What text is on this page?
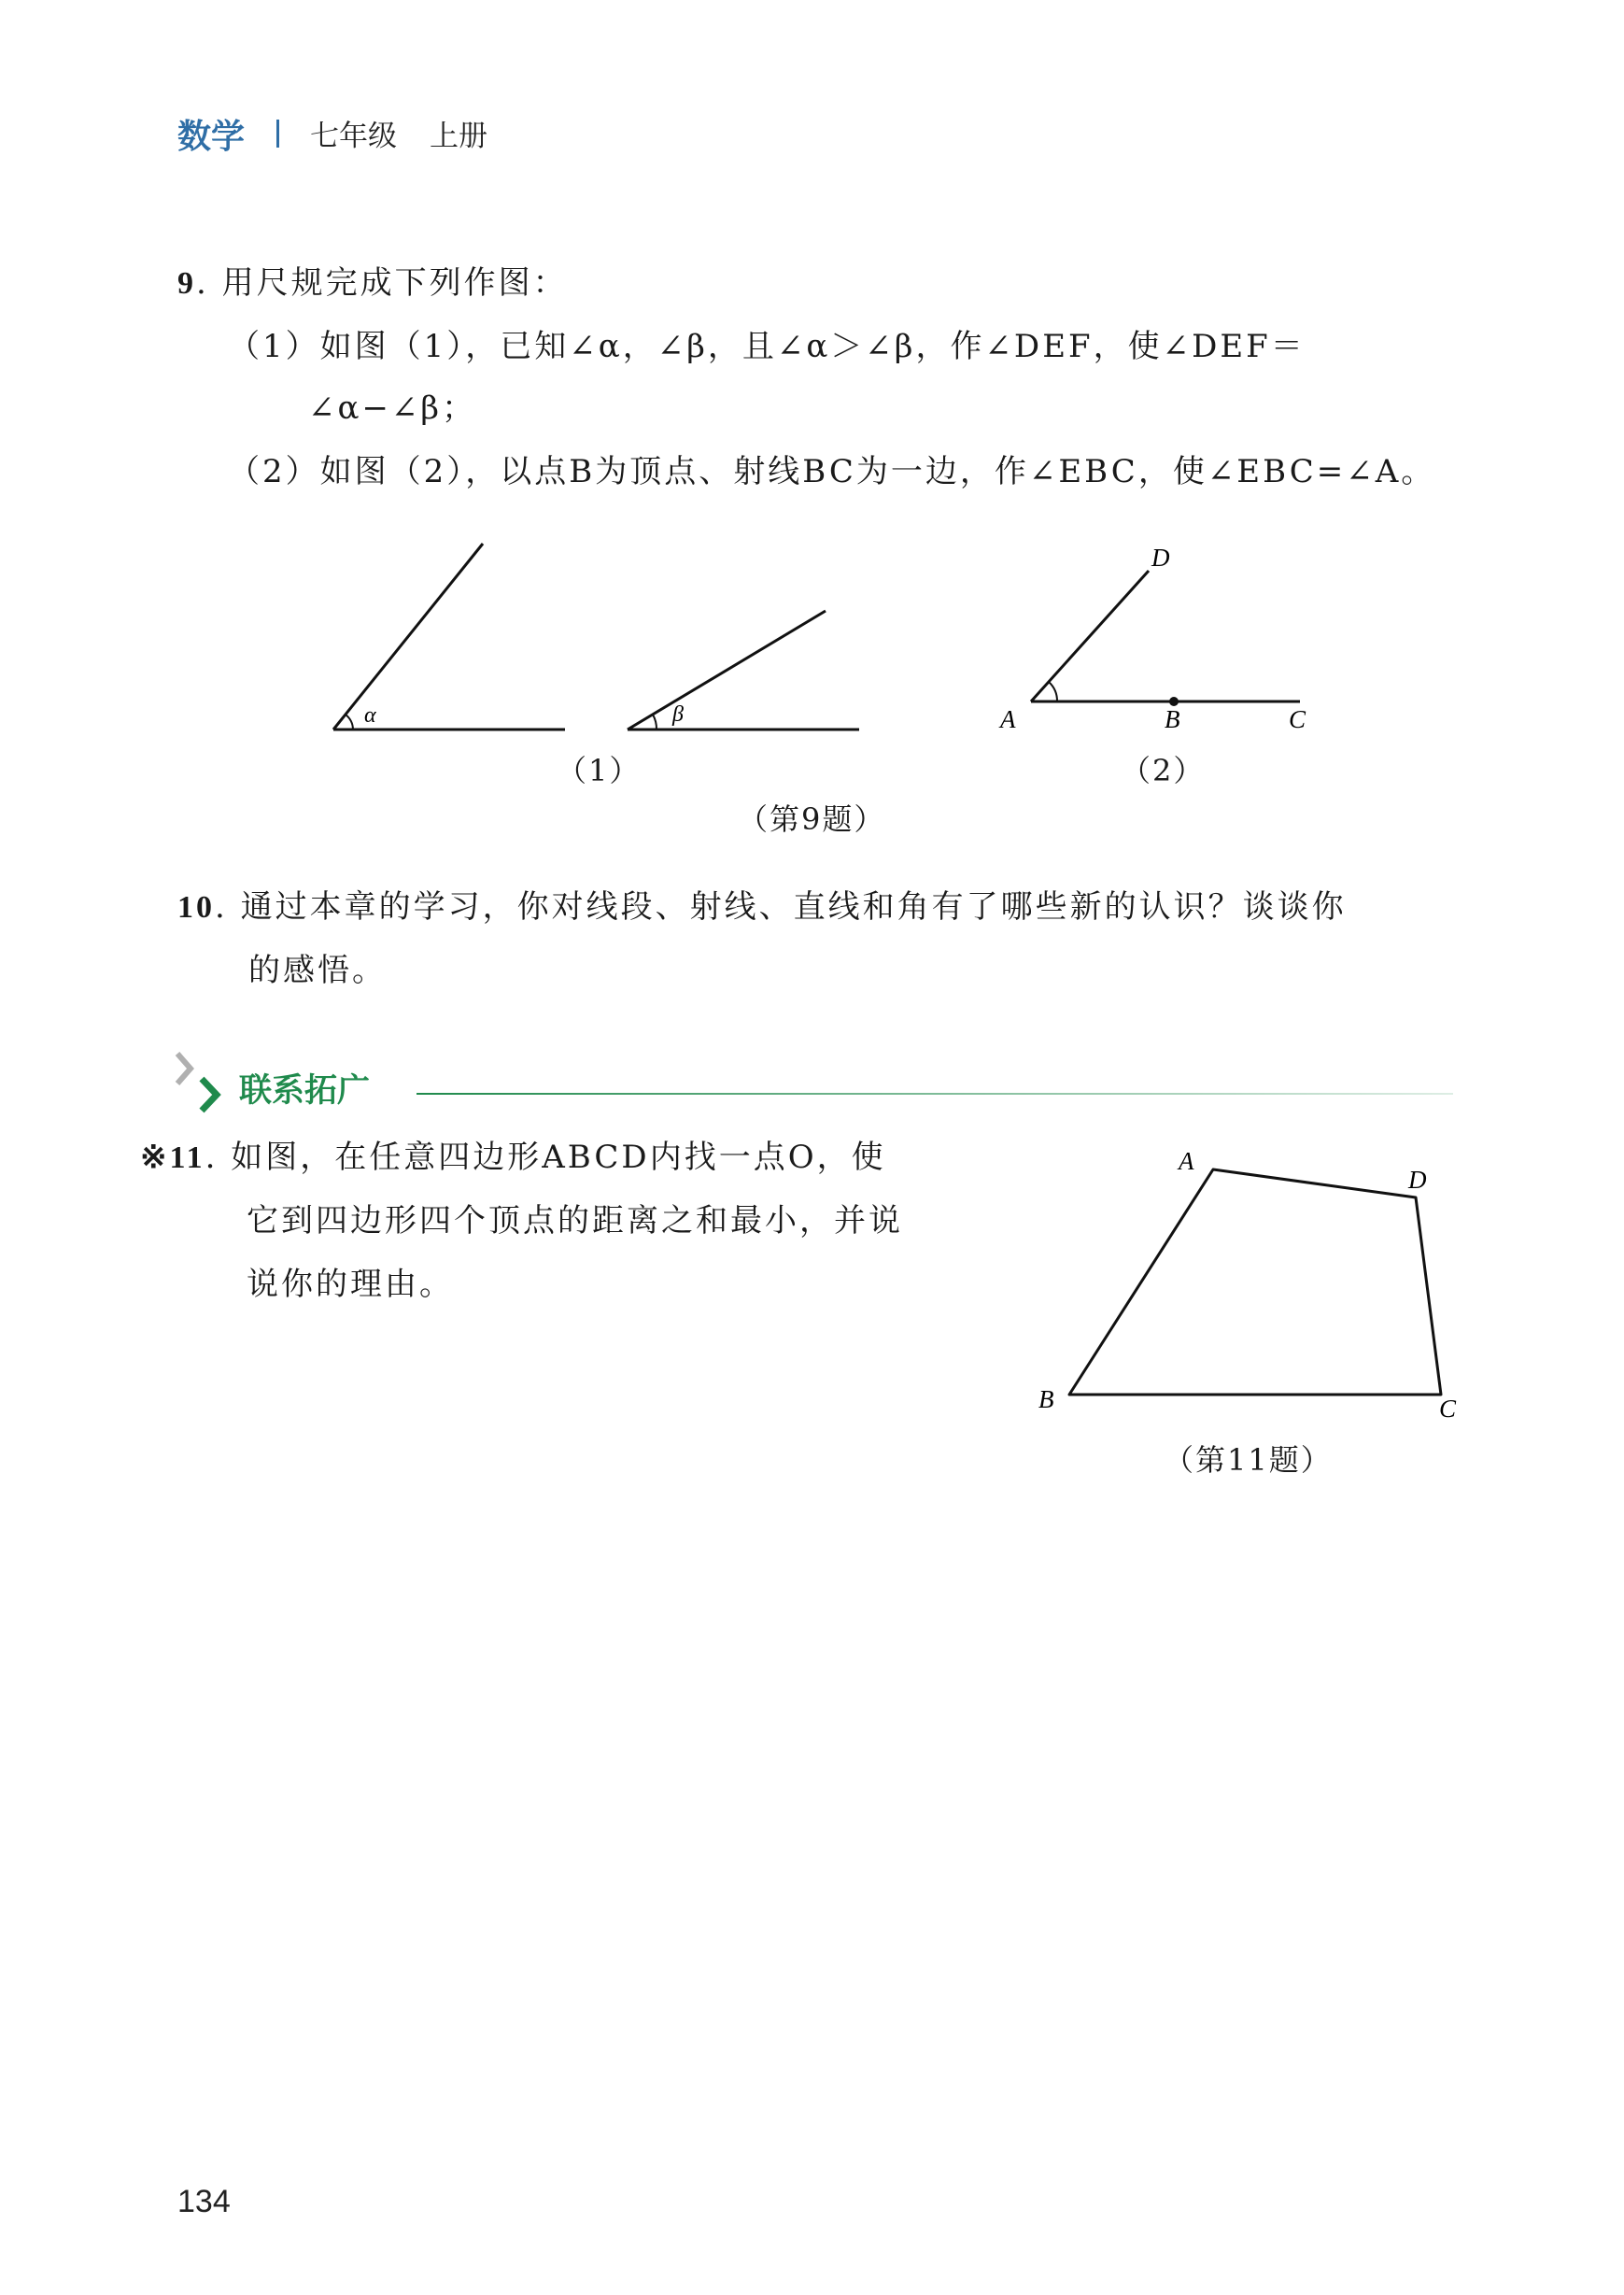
数学 七年级 上册
9. 用尺规完成下列作图：
（1）如图（1），已知∠α，∠β，且∠α＞∠β，作∠DEF，使∠DEF＝
∠α−∠β；
（2）如图（2），以点B为顶点、射线BC为一边，作∠EBC，使∠EBC=∠A。
α	β
D
A	B	C
A
D
B	C
（1）	（2）
（第9题）
10. 通过本章的学习，你对线段、射线、直线和角有了哪些新的认识？谈谈你
的感悟。
联系拓广
※11. 如图，在任意四边形ABCD内找一点O，使
它到四边形四个顶点的距离之和最小，并说
说你的理由。
（第11题）
134
